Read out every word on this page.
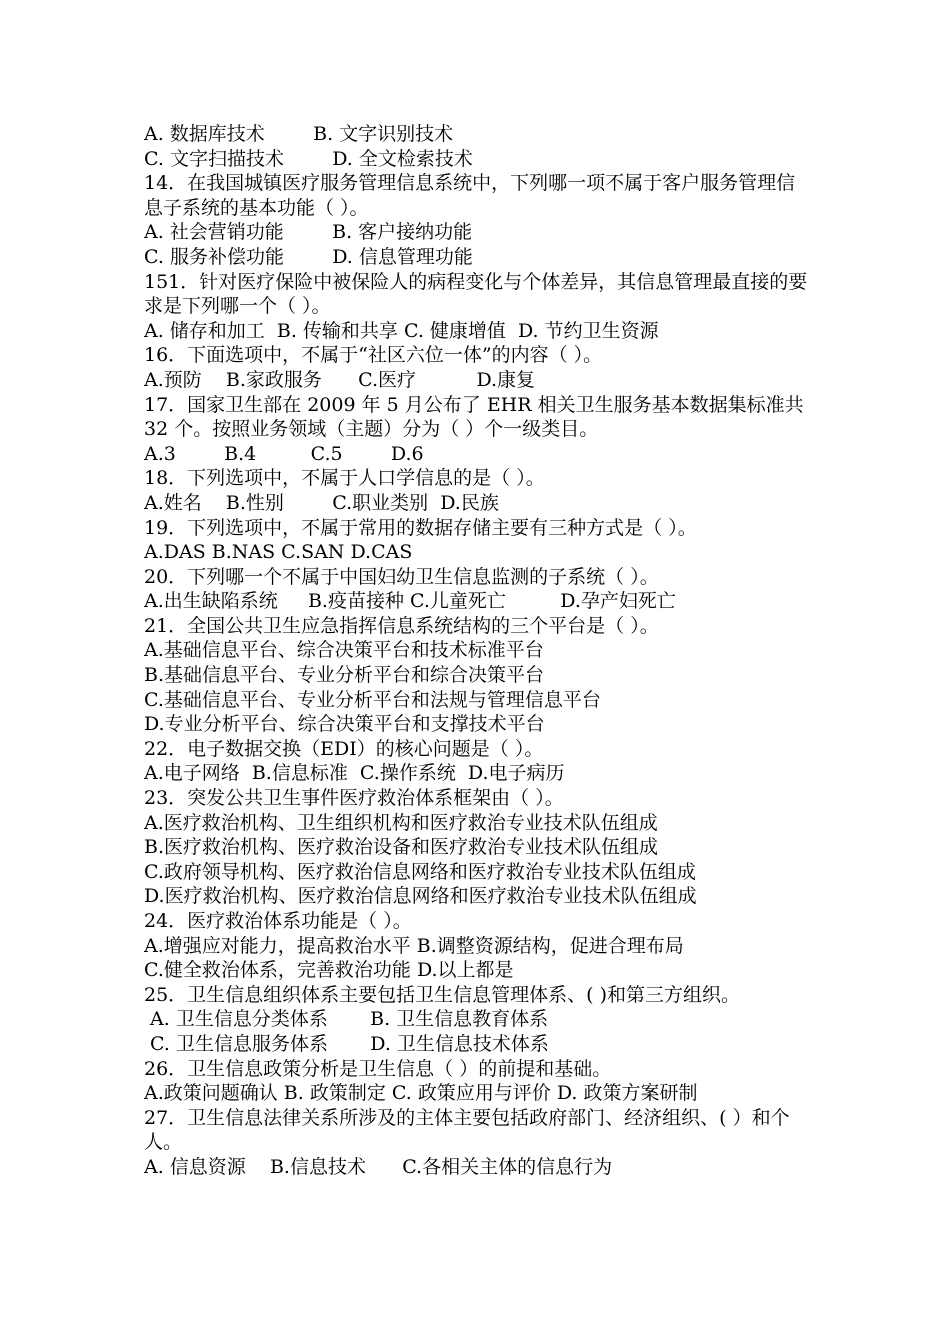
A. 数据库技术        B. 文字识别技术
C. 文字扫描技术        D. 全文检索技术
14．在我国城镇医疗服务管理信息系统中，下列哪一项不属于客户服务管理信息子系统的基本功能（ ）。
A. 社会营销功能        B. 客户接纳功能
C. 服务补偿功能        D. 信息管理功能
151．针对医疗保险中被保险人的病程变化与个体差异，其信息管理最直接的要求是下列哪一个（ ）。
A. 储存和加工  B. 传输和共享 C. 健康增值  D. 节约卫生资源
16．下面选项中，不属于“社区六位一体”的内容（ ）。
A.预防    B.家政服务      C.医疗          D.康复
17．国家卫生部在 2009 年 5 月公布了 EHR 相关卫生服务基本数据集标准共 32 个。按照业务领域（主题）分为（ ）个一级类目。
A.3        B.4         C.5        D.6
18．下列选项中，不属于人口学信息的是（ ）。
A.姓名    B.性别        C.职业类别  D.民族
19．下列选项中，不属于常用的数据存储主要有三种方式是（ ）。
A.DAS B.NAS C.SAN D.CAS
20．下列哪一个不属于中国妇幼卫生信息监测的子系统（ ）。
A.出生缺陷系统     B.疫苗接种 C.儿童死亡         D.孕产妇死亡
21．全国公共卫生应急指挥信息系统结构的三个平台是（ ）。
A.基础信息平台、综合决策平台和技术标准平台
B.基础信息平台、专业分析平台和综合决策平台
C.基础信息平台、专业分析平台和法规与管理信息平台
D.专业分析平台、综合决策平台和支撑技术平台
22．电子数据交换（EDI）的核心问题是（ ）。
A.电子网络  B.信息标准  C.操作系统  D.电子病历
23．突发公共卫生事件医疗救治体系框架由（ ）。
A.医疗救治机构、卫生组织机构和医疗救治专业技术队伍组成
B.医疗救治机构、医疗救治设备和医疗救治专业技术队伍组成
C.政府领导机构、医疗救治信息网络和医疗救治专业技术队伍组成
D.医疗救治机构、医疗救治信息网络和医疗救治专业技术队伍组成
24．医疗救治体系功能是（ ）。
A.增强应对能力，提高救治水平 B.调整资源结构，促进合理布局
C.健全救治体系，完善救治功能 D.以上都是
25．卫生信息组织体系主要包括卫生信息管理体系、( )和第三方组织。
A. 卫生信息分类体系       B. 卫生信息教育体系
C. 卫生信息服务体系       D. 卫生信息技术体系
26．卫生信息政策分析是卫生信息（ ）的前提和基础。
A.政策问题确认 B. 政策制定 C. 政策应用与评价 D. 政策方案研制
27．卫生信息法律关系所涉及的主体主要包括政府部门、经济组织、( ）和个人。
A. 信息资源    B.信息技术      C.各相关主体的信息行为
